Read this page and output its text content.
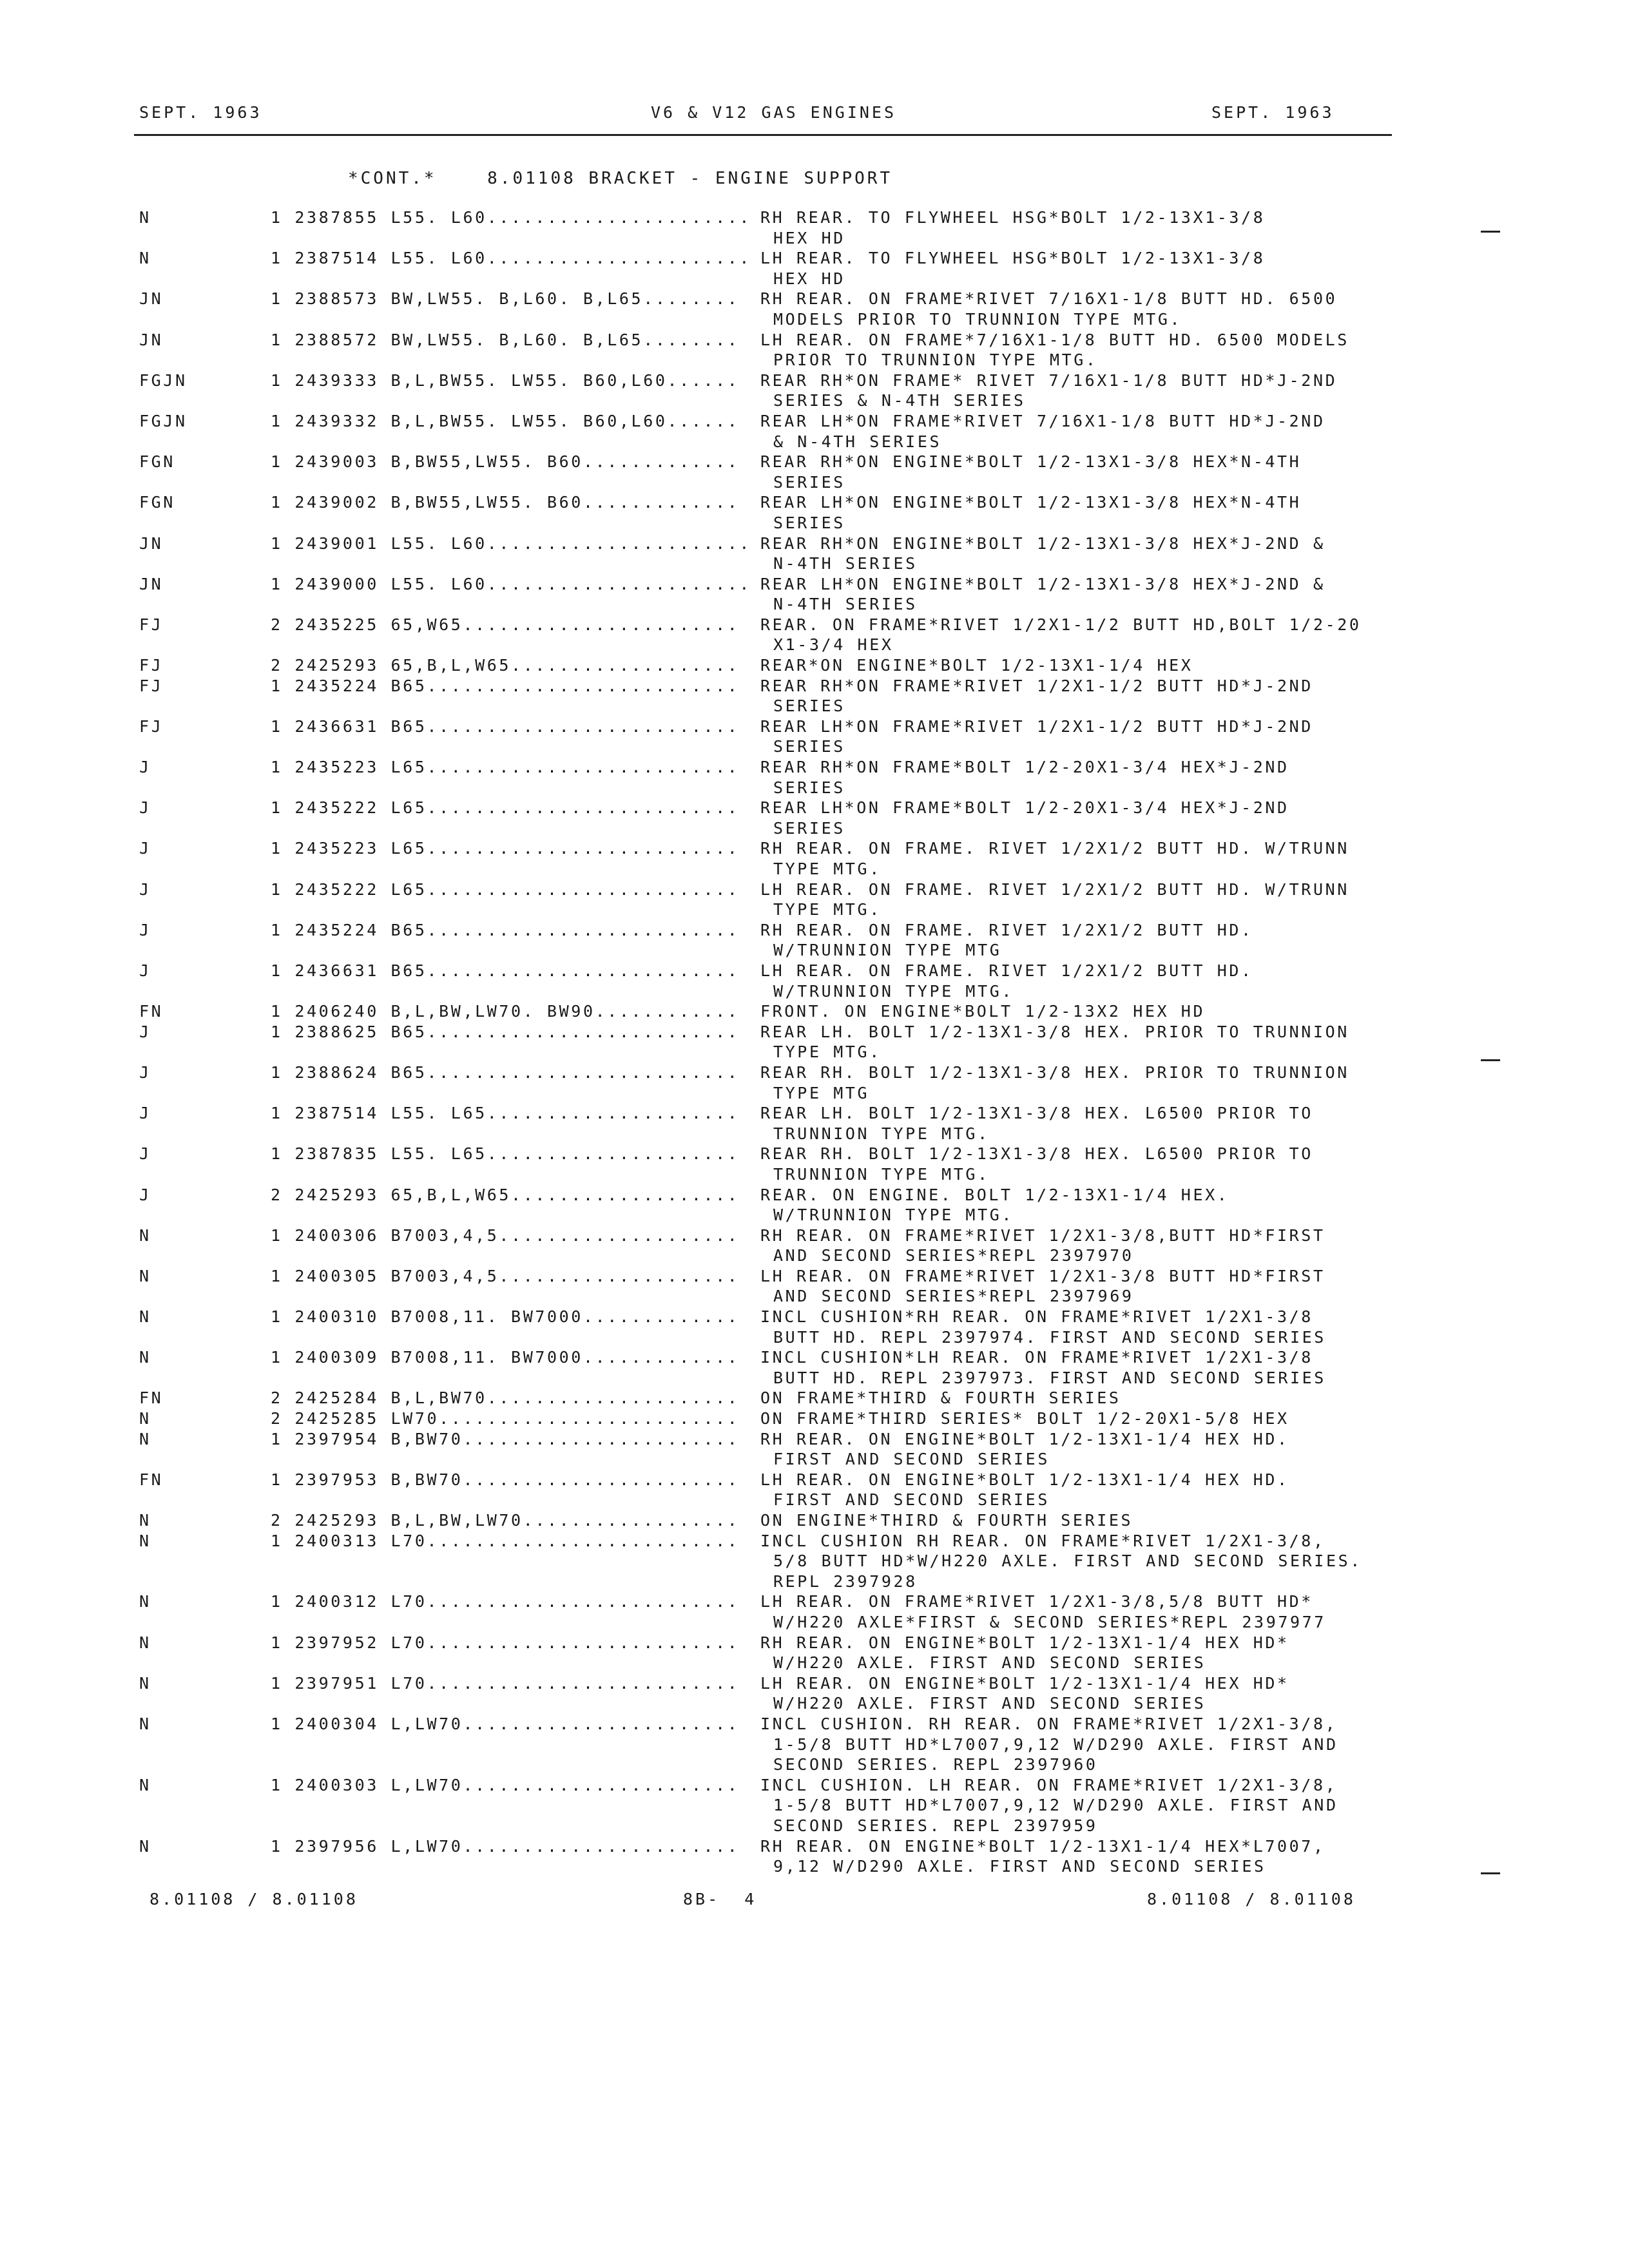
SEPT. 1963	V6 & V12 GAS ENGINES	SEPT. 1963
*CONT.*    8.01108 BRACKET - ENGINE SUPPORT
N	1 2387855 L55. L60...................... RH REAR. TO FLYWHEEL HSG*BOLT 1/2-13X1-3/8
HEX HD
N	1 2387514 L55. L60...................... LH REAR. TO FLYWHEEL HSG*BOLT 1/2-13X1-3/8
HEX HD
JN	1 2388573 BW,LW55. B,L60. B,L65........ RH REAR. ON FRAME*RIVET 7/16X1-1/8 BUTT HD. 6500
MODELS PRIOR TO TRUNNION TYPE MTG.
JN	1 2388572 BW,LW55. B,L60. B,L65........ LH REAR. ON FRAME*7/16X1-1/8 BUTT HD. 6500 MODELS
PRIOR TO TRUNNION TYPE MTG.
FGJN	1 2439333 B,L,BW55. LW55. B60,L60...... REAR RH*ON FRAME* RIVET 7/16X1-1/8 BUTT HD*J-2ND
SERIES & N-4TH SERIES
FGJN	1 2439332 B,L,BW55. LW55. B60,L60...... REAR LH*ON FRAME*RIVET 7/16X1-1/8 BUTT HD*J-2ND
& N-4TH SERIES
FGN	1 2439003 B,BW55,LW55. B60............. REAR RH*ON ENGINE*BOLT 1/2-13X1-3/8 HEX*N-4TH
SERIES
FGN	1 2439002 B,BW55,LW55. B60............. REAR LH*ON ENGINE*BOLT 1/2-13X1-3/8 HEX*N-4TH
SERIES
JN	1 2439001 L55. L60...................... REAR RH*ON ENGINE*BOLT 1/2-13X1-3/8 HEX*J-2ND &
N-4TH SERIES
JN	1 2439000 L55. L60...................... REAR LH*ON ENGINE*BOLT 1/2-13X1-3/8 HEX*J-2ND &
N-4TH SERIES
FJ	2 2435225 65,W65....................... REAR. ON FRAME*RIVET 1/2X1-1/2 BUTT HD,BOLT 1/2-20
X1-3/4 HEX
FJ	2 2425293 65,B,L,W65................... REAR*ON ENGINE*BOLT 1/2-13X1-1/4 HEX
FJ	1 2435224 B65.......................... REAR RH*ON FRAME*RIVET 1/2X1-1/2 BUTT HD*J-2ND
SERIES
FJ	1 2436631 B65.......................... REAR LH*ON FRAME*RIVET 1/2X1-1/2 BUTT HD*J-2ND
SERIES
J	1 2435223 L65.......................... REAR RH*ON FRAME*BOLT 1/2-20X1-3/4 HEX*J-2ND
SERIES
J	1 2435222 L65.......................... REAR LH*ON FRAME*BOLT 1/2-20X1-3/4 HEX*J-2ND
SERIES
J	1 2435223 L65.......................... RH REAR. ON FRAME. RIVET 1/2X1/2 BUTT HD. W/TRUNN
TYPE MTG.
J	1 2435222 L65.......................... LH REAR. ON FRAME. RIVET 1/2X1/2 BUTT HD. W/TRUNN
TYPE MTG.
J	1 2435224 B65.......................... RH REAR. ON FRAME. RIVET 1/2X1/2 BUTT HD.
W/TRUNNION TYPE MTG
J	1 2436631 B65.......................... LH REAR. ON FRAME. RIVET 1/2X1/2 BUTT HD.
W/TRUNNION TYPE MTG.
FN	1 2406240 B,L,BW,LW70. BW90............ FRONT. ON ENGINE*BOLT 1/2-13X2 HEX HD
J	1 2388625 B65.......................... REAR LH. BOLT 1/2-13X1-3/8 HEX. PRIOR TO TRUNNION
TYPE MTG.
J	1 2388624 B65.......................... REAR RH. BOLT 1/2-13X1-3/8 HEX. PRIOR TO TRUNNION
TYPE MTG
J	1 2387514 L55. L65..................... REAR LH. BOLT 1/2-13X1-3/8 HEX. L6500 PRIOR TO
TRUNNION TYPE MTG.
J	1 2387835 L55. L65..................... REAR RH. BOLT 1/2-13X1-3/8 HEX. L6500 PRIOR TO
TRUNNION TYPE MTG.
J	2 2425293 65,B,L,W65................... REAR. ON ENGINE. BOLT 1/2-13X1-1/4 HEX.
W/TRUNNION TYPE MTG.
N	1 2400306 B7003,4,5.................... RH REAR. ON FRAME*RIVET 1/2X1-3/8,BUTT HD*FIRST
AND SECOND SERIES*REPL 2397970
N	1 2400305 B7003,4,5.................... LH REAR. ON FRAME*RIVET 1/2X1-3/8 BUTT HD*FIRST
AND SECOND SERIES*REPL 2397969
N	1 2400310 B7008,11. BW7000............. INCL CUSHION*RH REAR. ON FRAME*RIVET 1/2X1-3/8
BUTT HD. REPL 2397974. FIRST AND SECOND SERIES
N	1 2400309 B7008,11. BW7000............. INCL CUSHION*LH REAR. ON FRAME*RIVET 1/2X1-3/8
BUTT HD. REPL 2397973. FIRST AND SECOND SERIES
FN	2 2425284 B,L,BW70..................... ON FRAME*THIRD & FOURTH SERIES
N	2 2425285 LW70......................... ON FRAME*THIRD SERIES* BOLT 1/2-20X1-5/8 HEX
N	1 2397954 B,BW70....................... RH REAR. ON ENGINE*BOLT 1/2-13X1-1/4 HEX HD.
FIRST AND SECOND SERIES
FN	1 2397953 B,BW70....................... LH REAR. ON ENGINE*BOLT 1/2-13X1-1/4 HEX HD.
FIRST AND SECOND SERIES
N	2 2425293 B,L,BW,LW70.................. ON ENGINE*THIRD & FOURTH SERIES
N	1 2400313 L70.......................... INCL CUSHION RH REAR. ON FRAME*RIVET 1/2X1-3/8,
5/8 BUTT HD*W/H220 AXLE. FIRST AND SECOND SERIES.
REPL 2397928
N	1 2400312 L70.......................... LH REAR. ON FRAME*RIVET 1/2X1-3/8,5/8 BUTT HD*
W/H220 AXLE*FIRST & SECOND SERIES*REPL 2397977
N	1 2397952 L70.......................... RH REAR. ON ENGINE*BOLT 1/2-13X1-1/4 HEX HD*
W/H220 AXLE. FIRST AND SECOND SERIES
N	1 2397951 L70.......................... LH REAR. ON ENGINE*BOLT 1/2-13X1-1/4 HEX HD*
W/H220 AXLE. FIRST AND SECOND SERIES
N	1 2400304 L,LW70....................... INCL CUSHION. RH REAR. ON FRAME*RIVET 1/2X1-3/8,
1-5/8 BUTT HD*L7007,9,12 W/D290 AXLE. FIRST AND
SECOND SERIES. REPL 2397960
N	1 2400303 L,LW70....................... INCL CUSHION. LH REAR. ON FRAME*RIVET 1/2X1-3/8,
1-5/8 BUTT HD*L7007,9,12 W/D290 AXLE. FIRST AND
SECOND SERIES. REPL 2397959
N	1 2397956 L,LW70....................... RH REAR. ON ENGINE*BOLT 1/2-13X1-1/4 HEX*L7007,
9,12 W/D290 AXLE. FIRST AND SECOND SERIES
8.01108 / 8.01108	8B-  4	8.01108 / 8.01108
